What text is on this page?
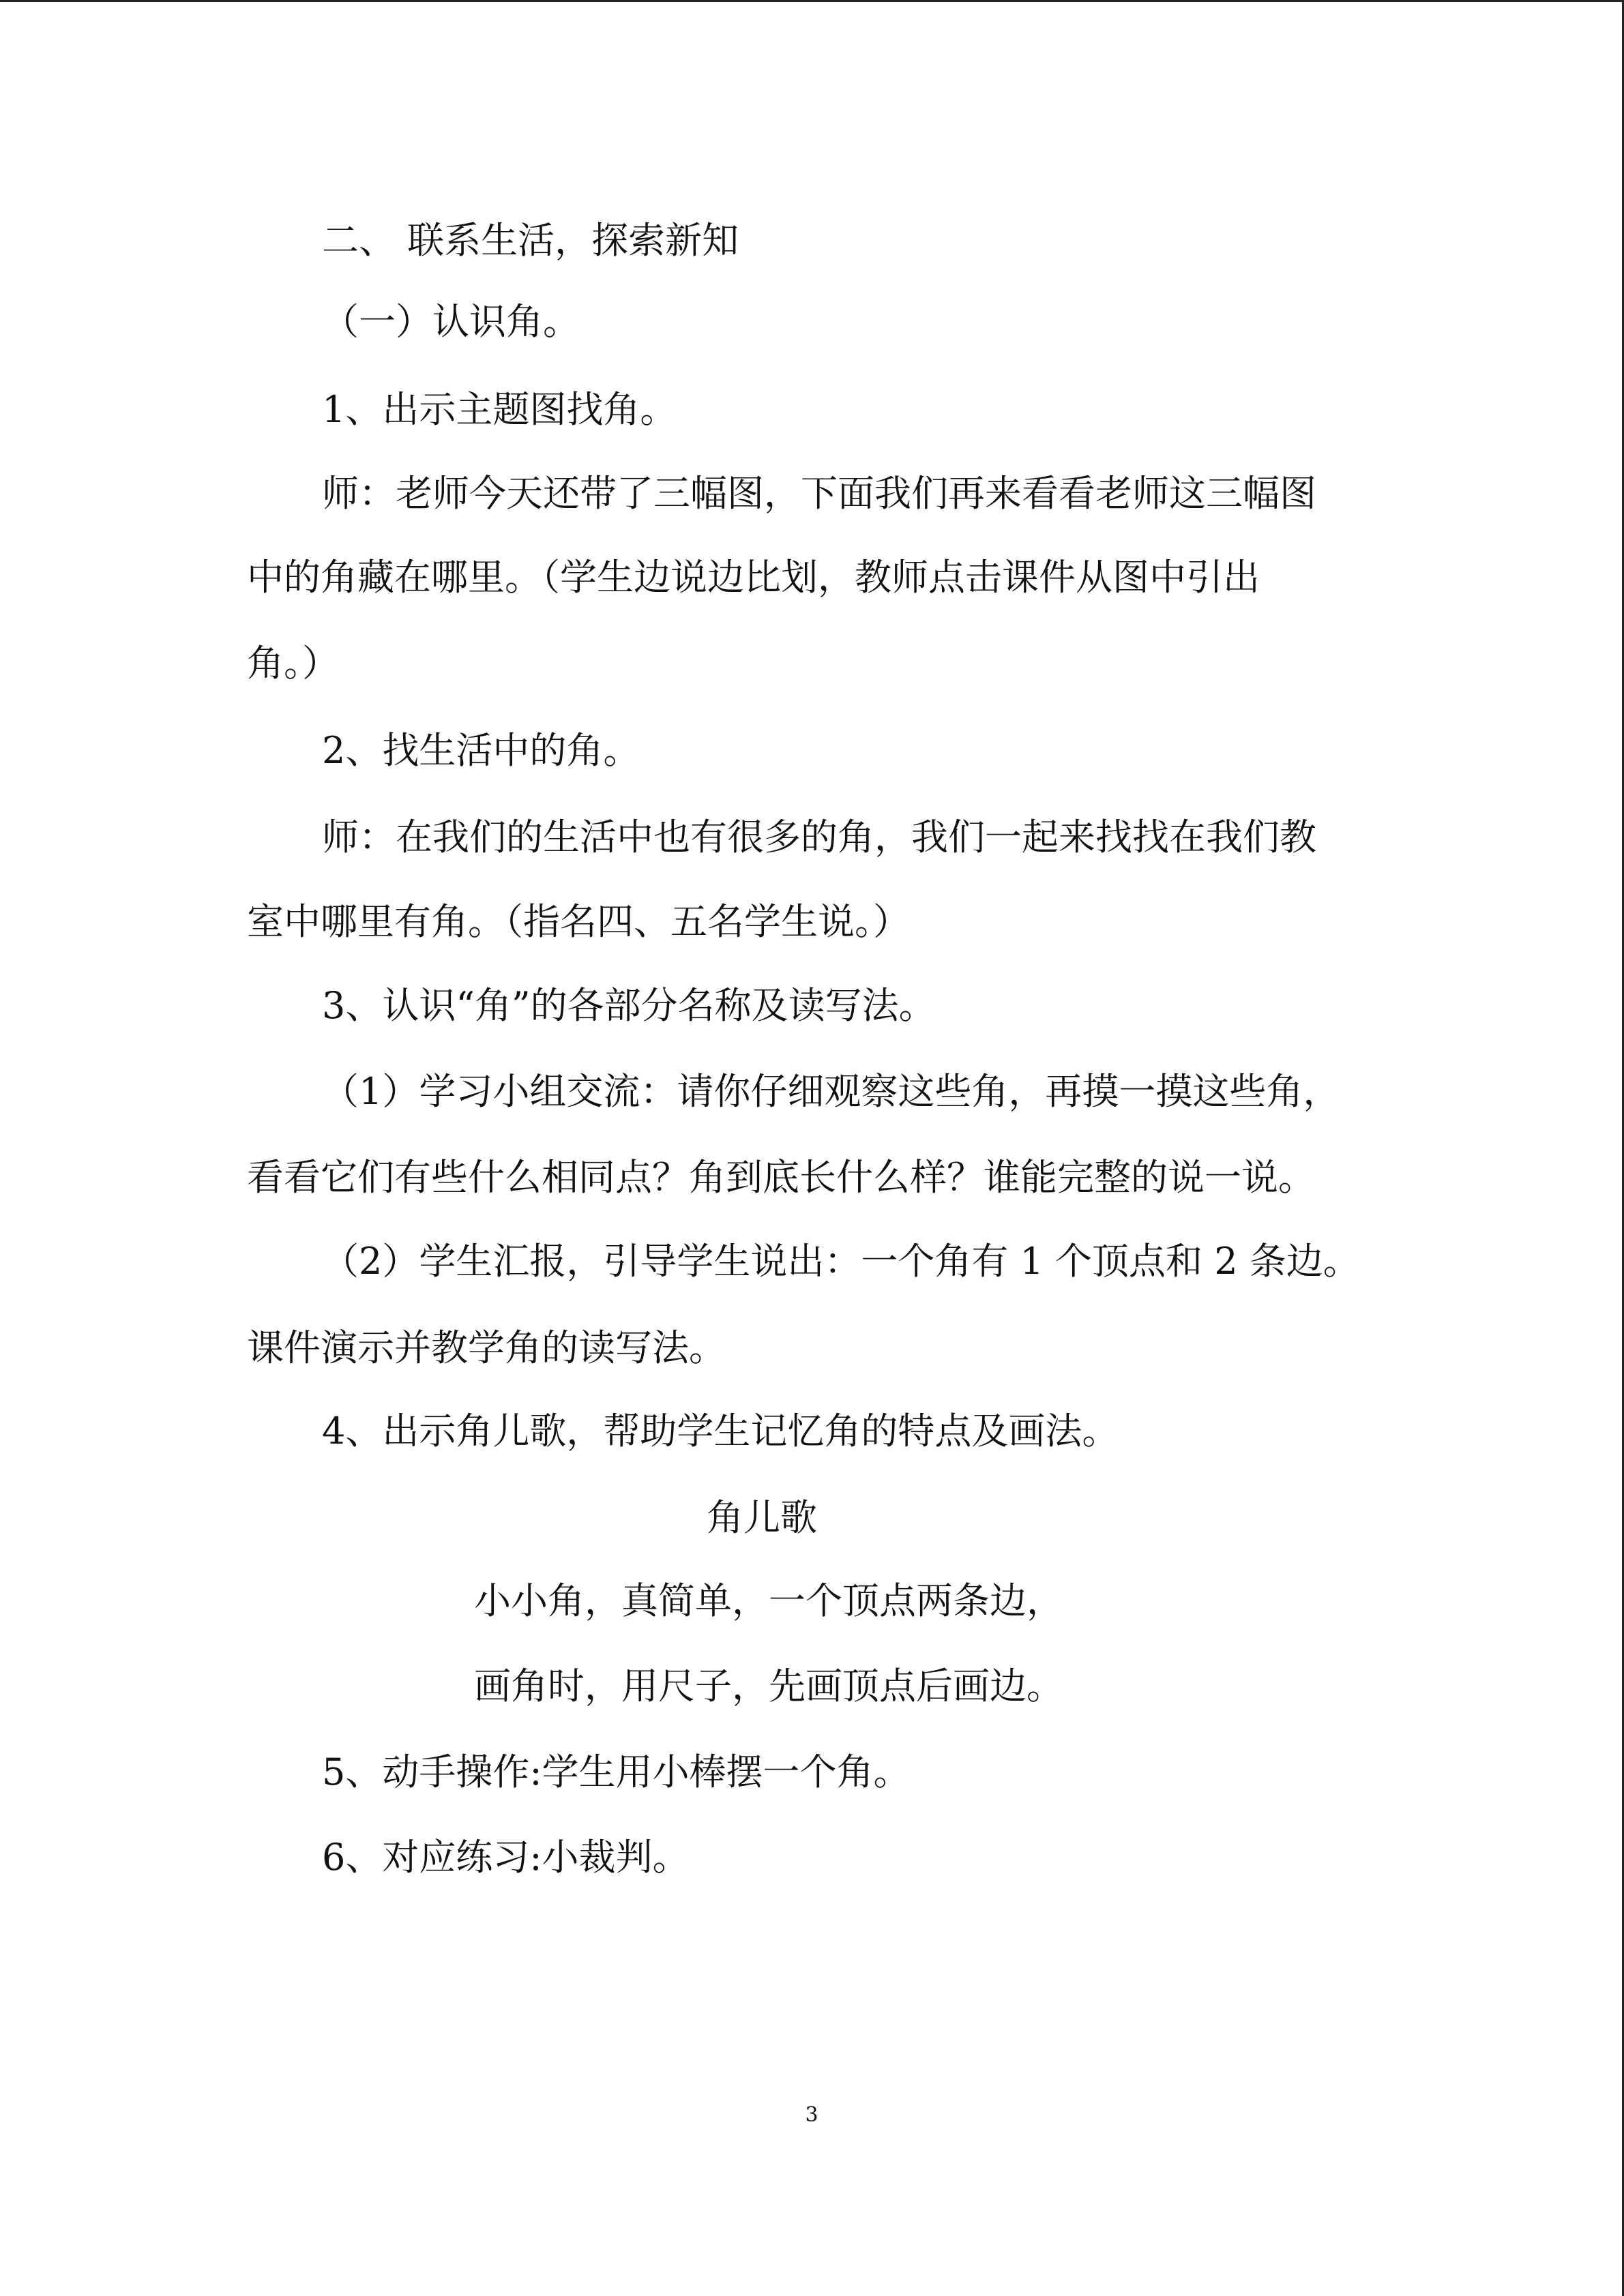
二、 联系生活，探索新知
（一）认识角。
1、出示主题图找角。
师：老师今天还带了三幅图，下面我们再来看看老师这三幅图
中的角藏在哪里。（学生边说边比划，教师点击课件从图中引出
角。）
2、找生活中的角。
师：在我们的生活中也有很多的角，我们一起来找找在我们教
室中哪里有角。（指名四、五名学生说。）
3、认识“角”的各部分名称及读写法。
（1）学习小组交流：请你仔细观察这些角，再摸一摸这些角，
看看它们有些什么相同点？角到底长什么样？谁能完整的说一说。
（2）学生汇报，引导学生说出：一个角有 1 个顶点和 2 条边。
课件演示并教学角的读写法。
4、出示角儿歌，帮助学生记忆角的特点及画法。
角儿歌
小小角，真简单，一个顶点两条边，
画角时，用尺子，先画顶点后画边。
5、动手操作:学生用小棒摆一个角。
6、对应练习:小裁判。
3
